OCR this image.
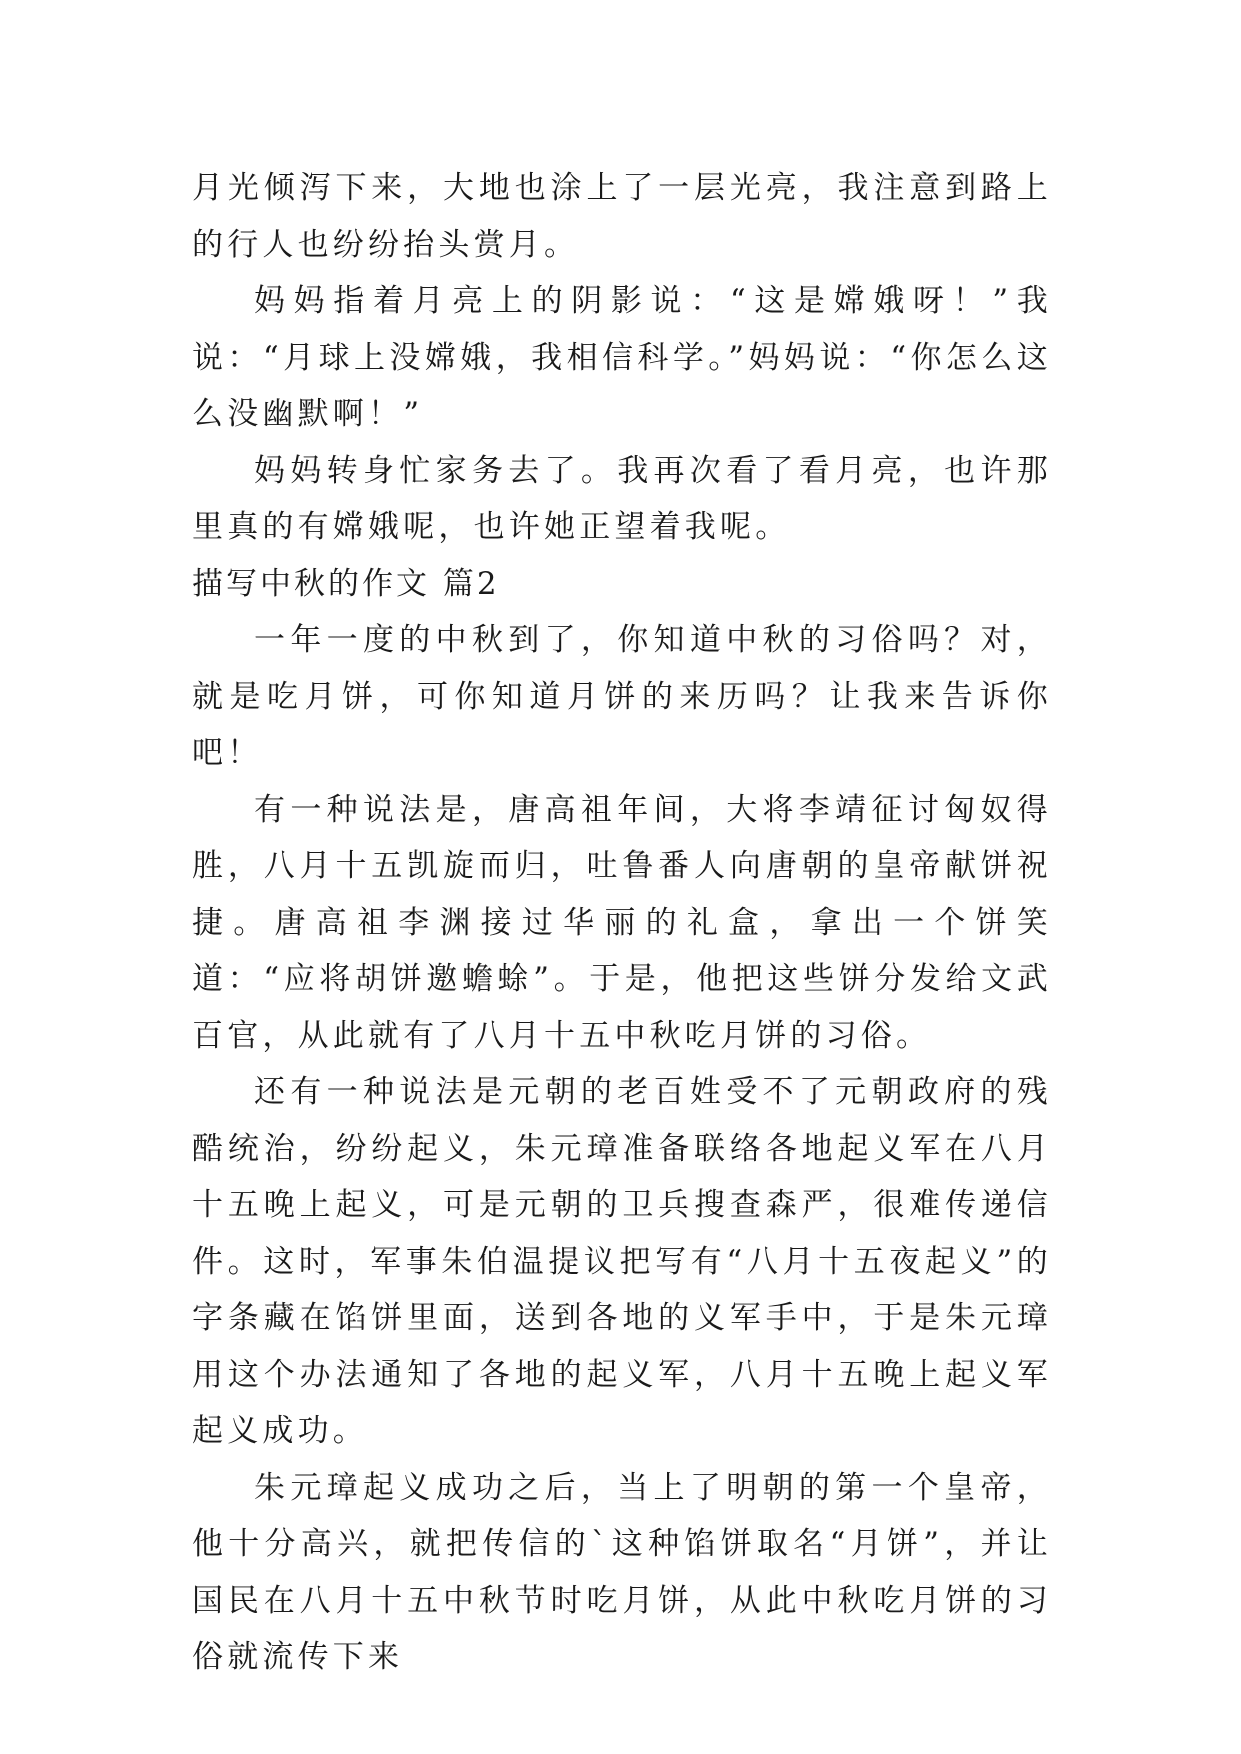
月光倾泻下来，大地也涂上了一层光亮，我注意到路上的行人也纷纷抬头赏月。

妈妈指着月亮上的阴影说：“这是嫦娥呀！”我说：“月球上没嫦娥，我相信科学。”妈妈说：“你怎么这么没幽默啊！”

妈妈转身忙家务去了。我再次看了看月亮，也许那里真的有嫦娥呢，也许她正望着我呢。

描写中秋的作文 篇2

一年一度的中秋到了，你知道中秋的习俗吗？对，就是吃月饼，可你知道月饼的来历吗？让我来告诉你吧！

有一种说法是，唐高祖年间，大将李靖征讨匈奴得胜，八月十五凯旋而归，吐鲁番人向唐朝的皇帝献饼祝捷。唐高祖李渊接过华丽的礼盒，拿出一个饼笑道：“应将胡饼邀蟾蜍”。于是，他把这些饼分发给文武百官，从此就有了八月十五中秋吃月饼的习俗。

还有一种说法是元朝的老百姓受不了元朝政府的残酷统治，纷纷起义，朱元璋准备联络各地起义军在八月十五晚上起义，可是元朝的卫兵搜查森严，很难传递信件。这时，军事朱伯温提议把写有“八月十五夜起义”的字条藏在馅饼里面，送到各地的义军手中，于是朱元璋用这个办法通知了各地的起义军，八月十五晚上起义军起义成功。

朱元璋起义成功之后，当上了明朝的第一个皇帝，他十分高兴，就把传信的`这种馅饼取名“月饼”，并让国民在八月十五中秋节时吃月饼，从此中秋吃月饼的习俗就流传下来
